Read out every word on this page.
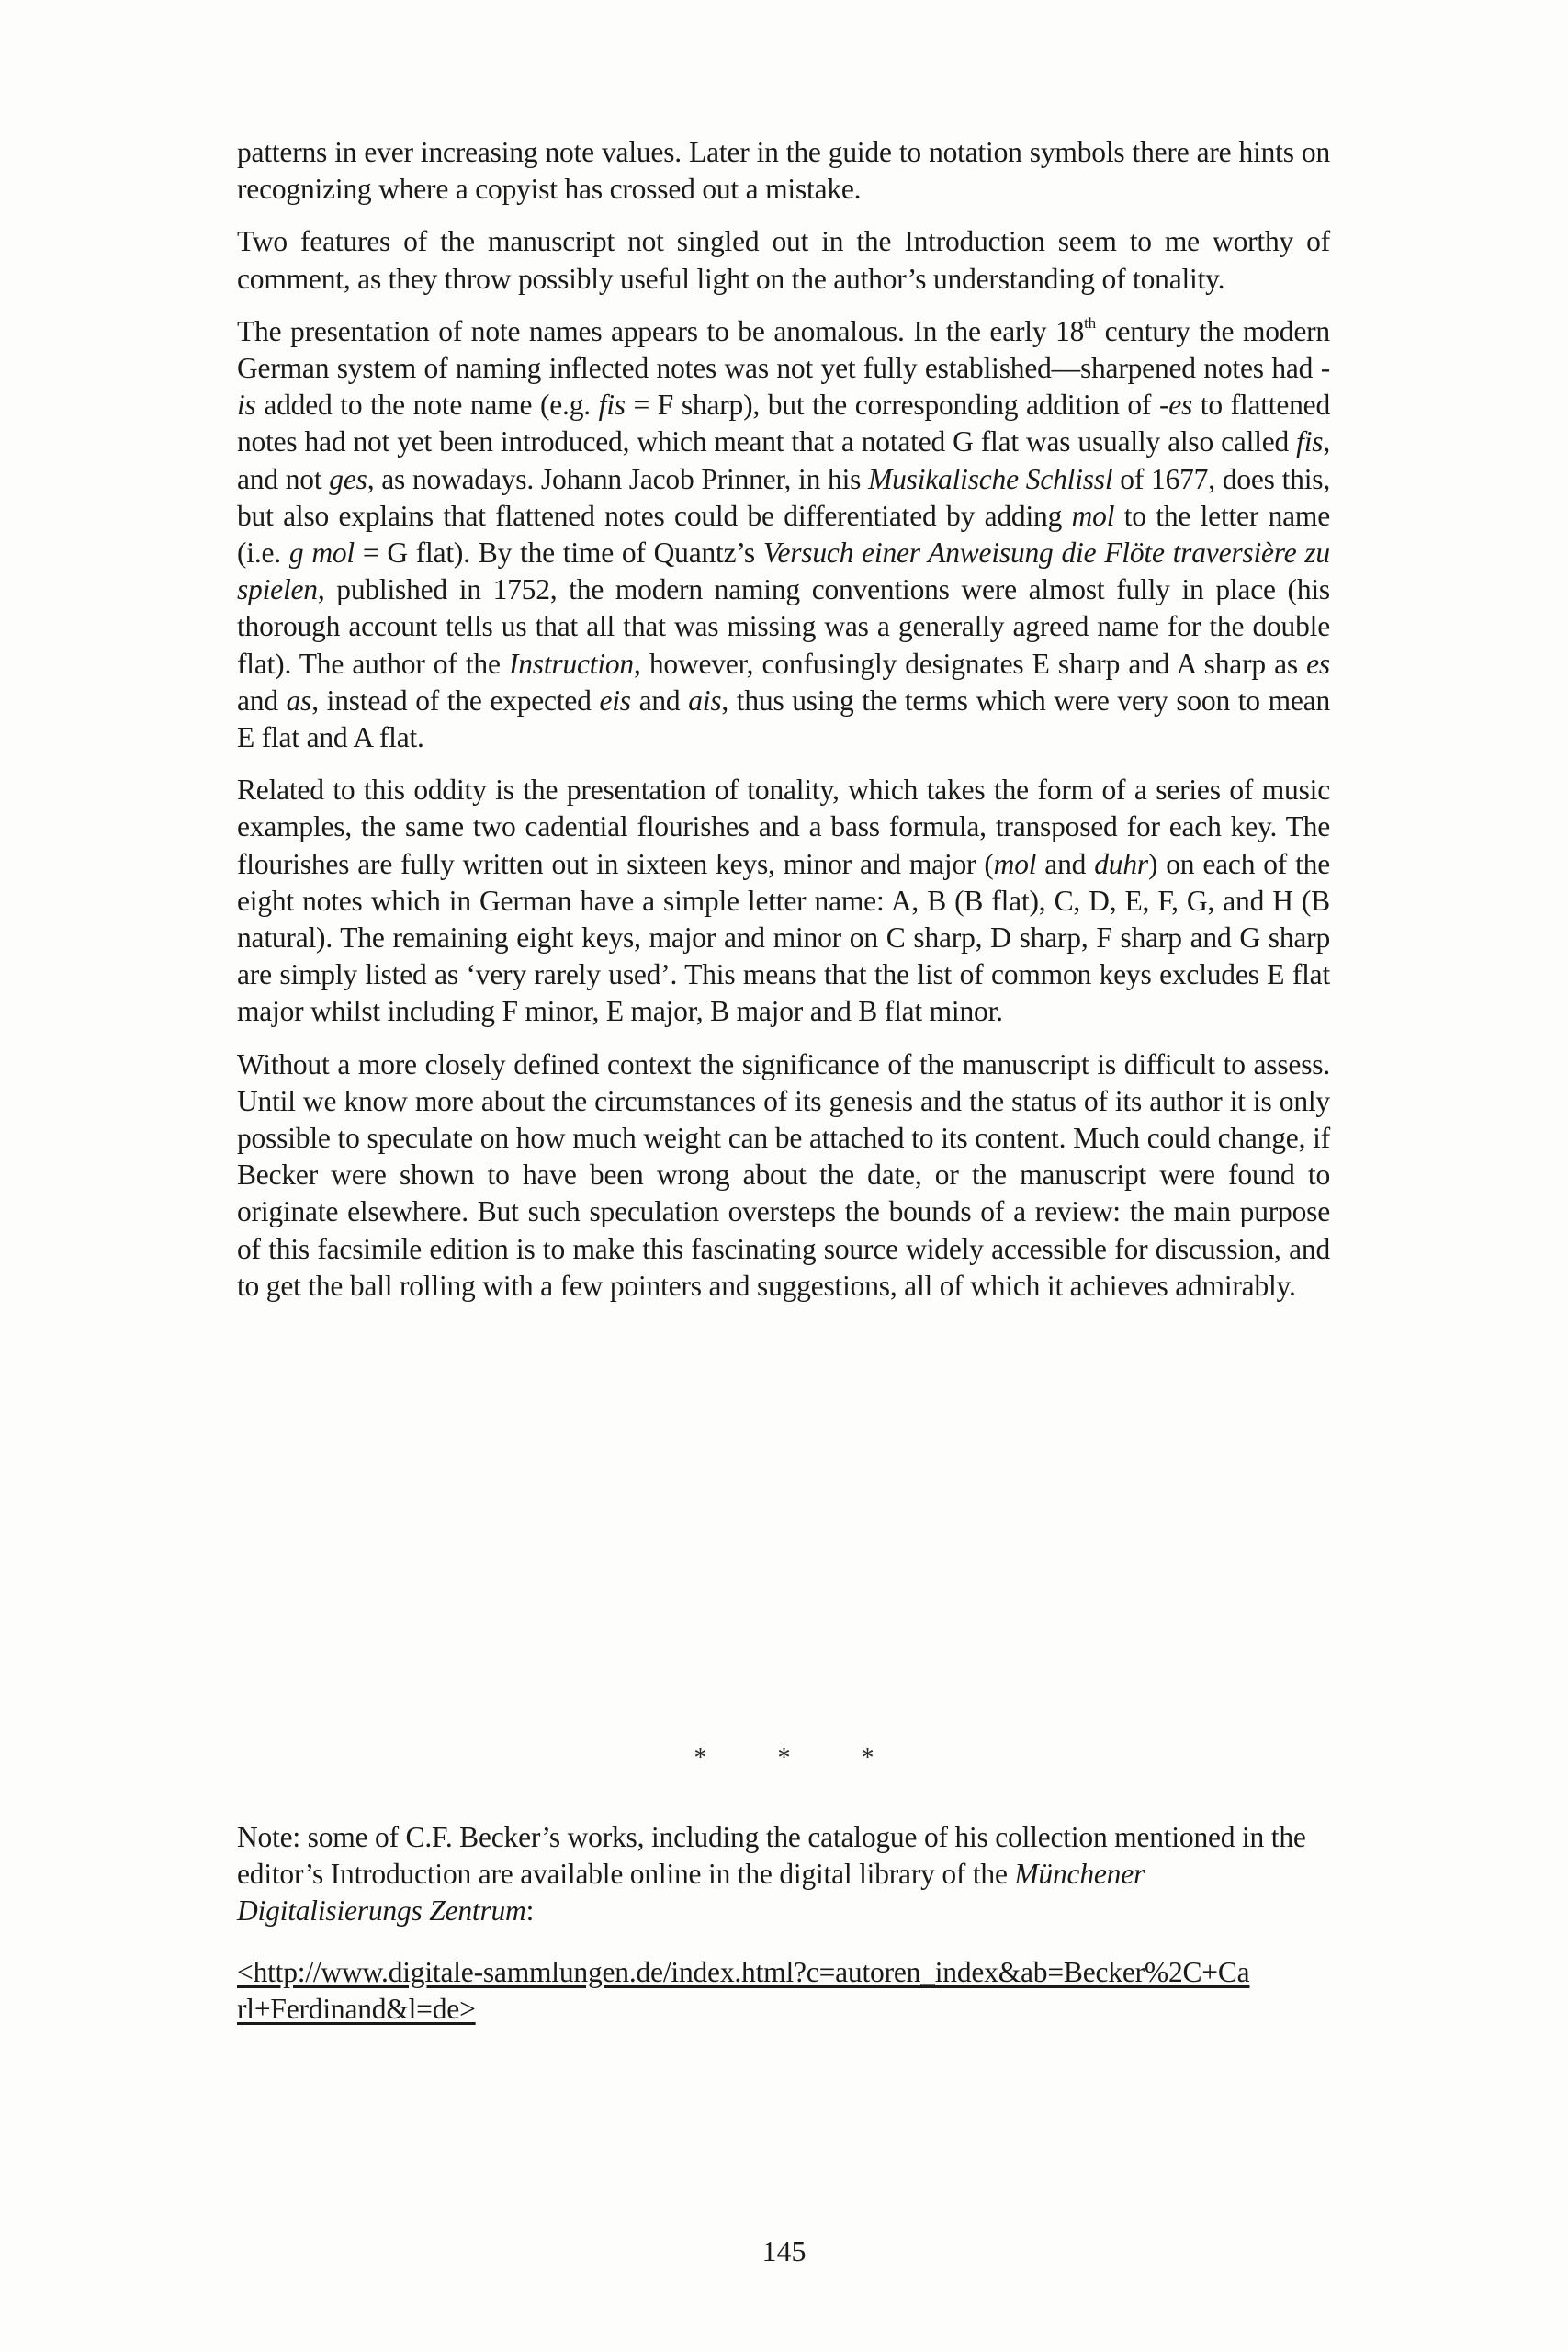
patterns in ever increasing note values. Later in the guide to notation symbols there are hints on recognizing where a copyist has crossed out a mistake.

Two features of the manuscript not singled out in the Introduction seem to me worthy of comment, as they throw possibly useful light on the author’s understanding of tonality.

The presentation of note names appears to be anomalous. In the early 18th century the modern German system of naming inflected notes was not yet fully established—sharpened notes had -is added to the note name (e.g. fis = F sharp), but the corresponding addition of -es to flattened notes had not yet been introduced, which meant that a notated G flat was usually also called fis, and not ges, as nowadays. Johann Jacob Prinner, in his Musikalische Schlissl of 1677, does this, but also explains that flattened notes could be differentiated by adding mol to the letter name (i.e. g mol = G flat). By the time of Quantz’s Versuch einer Anweisung die Flöte traversière zu spielen, published in 1752, the modern naming conventions were almost fully in place (his thorough account tells us that all that was missing was a generally agreed name for the double flat). The author of the Instruction, however, confusingly designates E sharp and A sharp as es and as, instead of the expected eis and ais, thus using the terms which were very soon to mean E flat and A flat.

Related to this oddity is the presentation of tonality, which takes the form of a series of music examples, the same two cadential flourishes and a bass formula, transposed for each key. The flourishes are fully written out in sixteen keys, minor and major (mol and duhr) on each of the eight notes which in German have a simple letter name: A, B (B flat), C, D, E, F, G, and H (B natural). The remaining eight keys, major and minor on C sharp, D sharp, F sharp and G sharp are simply listed as ‘very rarely used’. This means that the list of common keys excludes E flat major whilst including F minor, E major, B major and B flat minor.

Without a more closely defined context the significance of the manuscript is difficult to assess. Until we know more about the circumstances of its genesis and the status of its author it is only possible to speculate on how much weight can be attached to its content. Much could change, if Becker were shown to have been wrong about the date, or the manuscript were found to originate elsewhere. But such speculation oversteps the bounds of a review: the main purpose of this facsimile edition is to make this fascinating source widely accessible for discussion, and to get the ball rolling with a few pointers and suggestions, all of which it achieves admirably.

* * *

Note: some of C.F. Becker’s works, including the catalogue of his collection mentioned in the editor’s Introduction are available online in the digital library of the Münchener Digitalisierungs Zentrum:

<http://www.digitale-sammlungen.de/index.html?c=autoren_index&ab=Becker%2C+Carl+Ferdinand&l=de>
145
